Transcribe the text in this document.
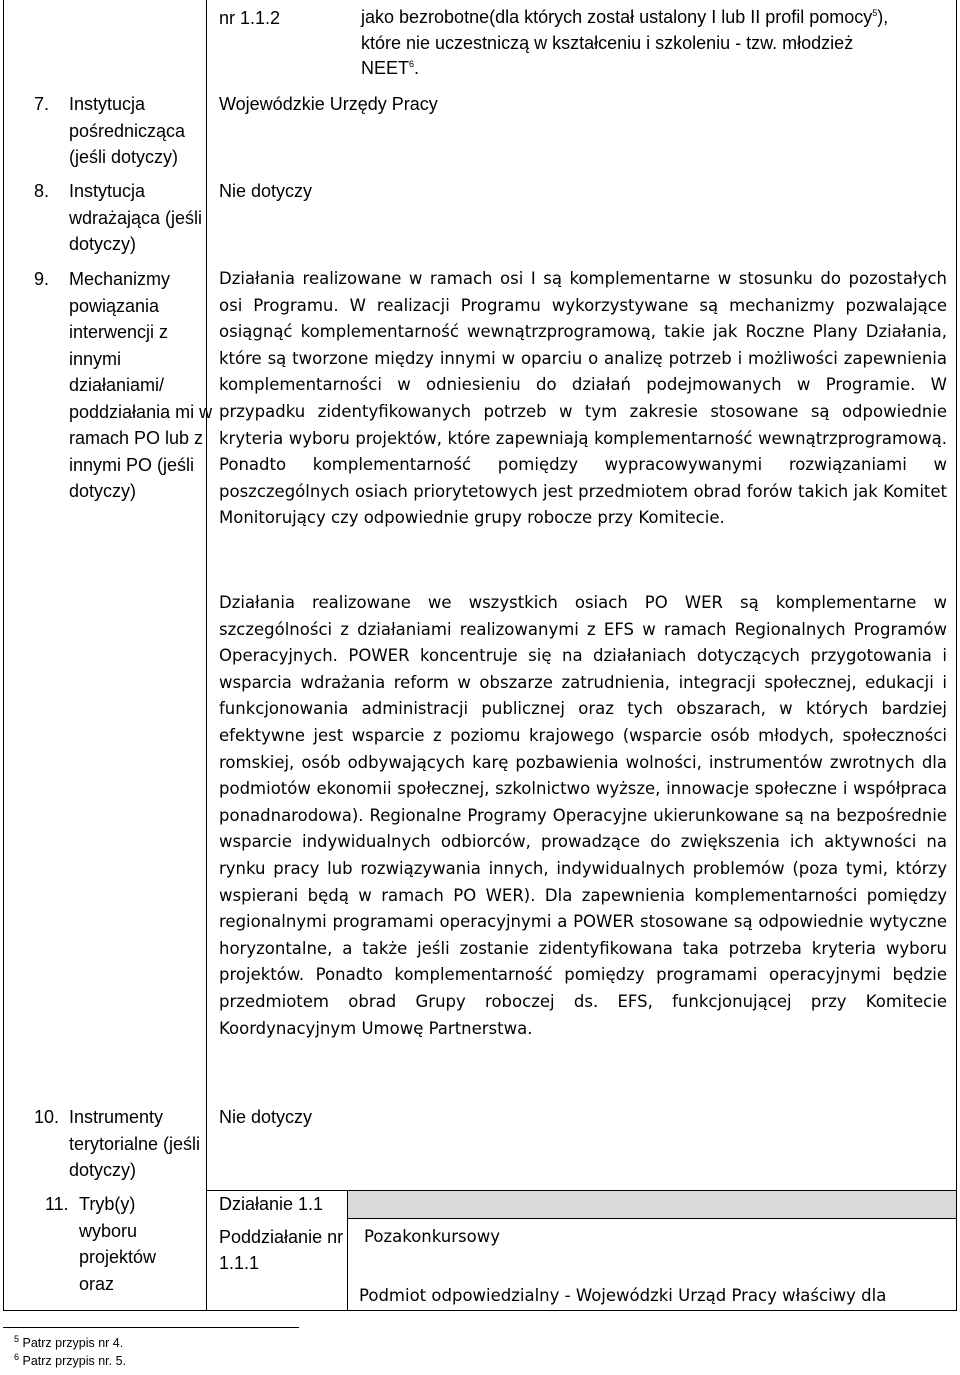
nr 1.1.2	jako bezrobotne(dla których został ustalony I lub II profil pomocy$^5$), które nie uczestniczą w kształceniu i szkoleniu - tzw. młodzież NEET$^6$.
7. Instytucja pośrednicząca (jeśli dotyczy)
Wojewódzkie Urzędy Pracy
8. Instytucja wdrażająca (jeśli dotyczy)
Nie dotyczy
9. Mechanizmy powiązania interwencji z innymi działaniami/ poddziałania mi w ramach PO lub z innymi PO (jeśli dotyczy)
Działania realizowane w ramach osi I są komplementarne w stosunku do pozostałych osi Programu. W realizacji Programu wykorzystywane są mechanizmy pozwalające osiągnąć komplementarność wewnątrzprogramową, takie jak Roczne Plany Działania, które są tworzone między innymi w oparciu o analizę potrzeb i możliwości zapewnienia komplementarności w odniesieniu do działań podejmowanych w Programie. W przypadku zidentyfikowanych potrzeb w tym zakresie stosowane są odpowiednie kryteria wyboru projektów, które zapewniają komplementarność wewnątrzprogramową. Ponadto komplementarność pomiędzy wypracowywanymi rozwiązaniami w poszczególnych osiach priorytetowych jest przedmiotem obrad forów takich jak Komitet Monitorujący czy odpowiednie grupy robocze przy Komitecie.
Działania realizowane we wszystkich osiach PO WER są komplementarne w szczególności z działaniami realizowanymi z EFS w ramach Regionalnych Programów Operacyjnych. POWER koncentruje się na działaniach dotyczących przygotowania i wsparcia wdrażania reform w obszarze zatrudnienia, integracji społecznej, edukacji i funkcjonowania administracji publicznej oraz tych obszarach, w których bardziej efektywne jest wsparcie z poziomu krajowego (wsparcie osób młodych, społeczności romskiej, osób odbywających karę pozbawienia wolności, instrumentów zwrotnych dla podmiotów ekonomii społecznej, szkolnictwo wyższe, innowacje społeczne i współpraca ponadnarodowa). Regionalne Programy Operacyjne ukierunkowane są na bezpośrednie wsparcie indywidualnych odbiorców, prowadzące do zwiększenia ich aktywności na rynku pracy lub rozwiązywania innych, indywidualnych problemów (poza tymi, którzy wspierani będą w ramach PO WER). Dla zapewnienia komplementarności pomiędzy regionalnymi programami operacyjnymi a POWER stosowane są odpowiednie wytyczne horyzontalne, a także jeśli zostanie zidentyfikowana taka potrzeba kryteria wyboru projektów. Ponadto komplementarność pomiędzy programami operacyjnymi będzie przedmiotem obrad Grupy roboczej ds. EFS, funkcjonującej przy Komitecie Koordynacyjnym Umowę Partnerstwa.
10. Instrumenty terytorialne (jeśli dotyczy)
Nie dotyczy
11. Tryb(y) wyboru projektów oraz
Działanie 1.1
Poddziałanie nr 1.1.1
Pozakonkursowy
Podmiot odpowiedzialny - Wojewódzki Urząd Pracy właściwy dla
$^5$ Patrz przypis nr 4.
$^6$ Patrz przypis nr. 5.
